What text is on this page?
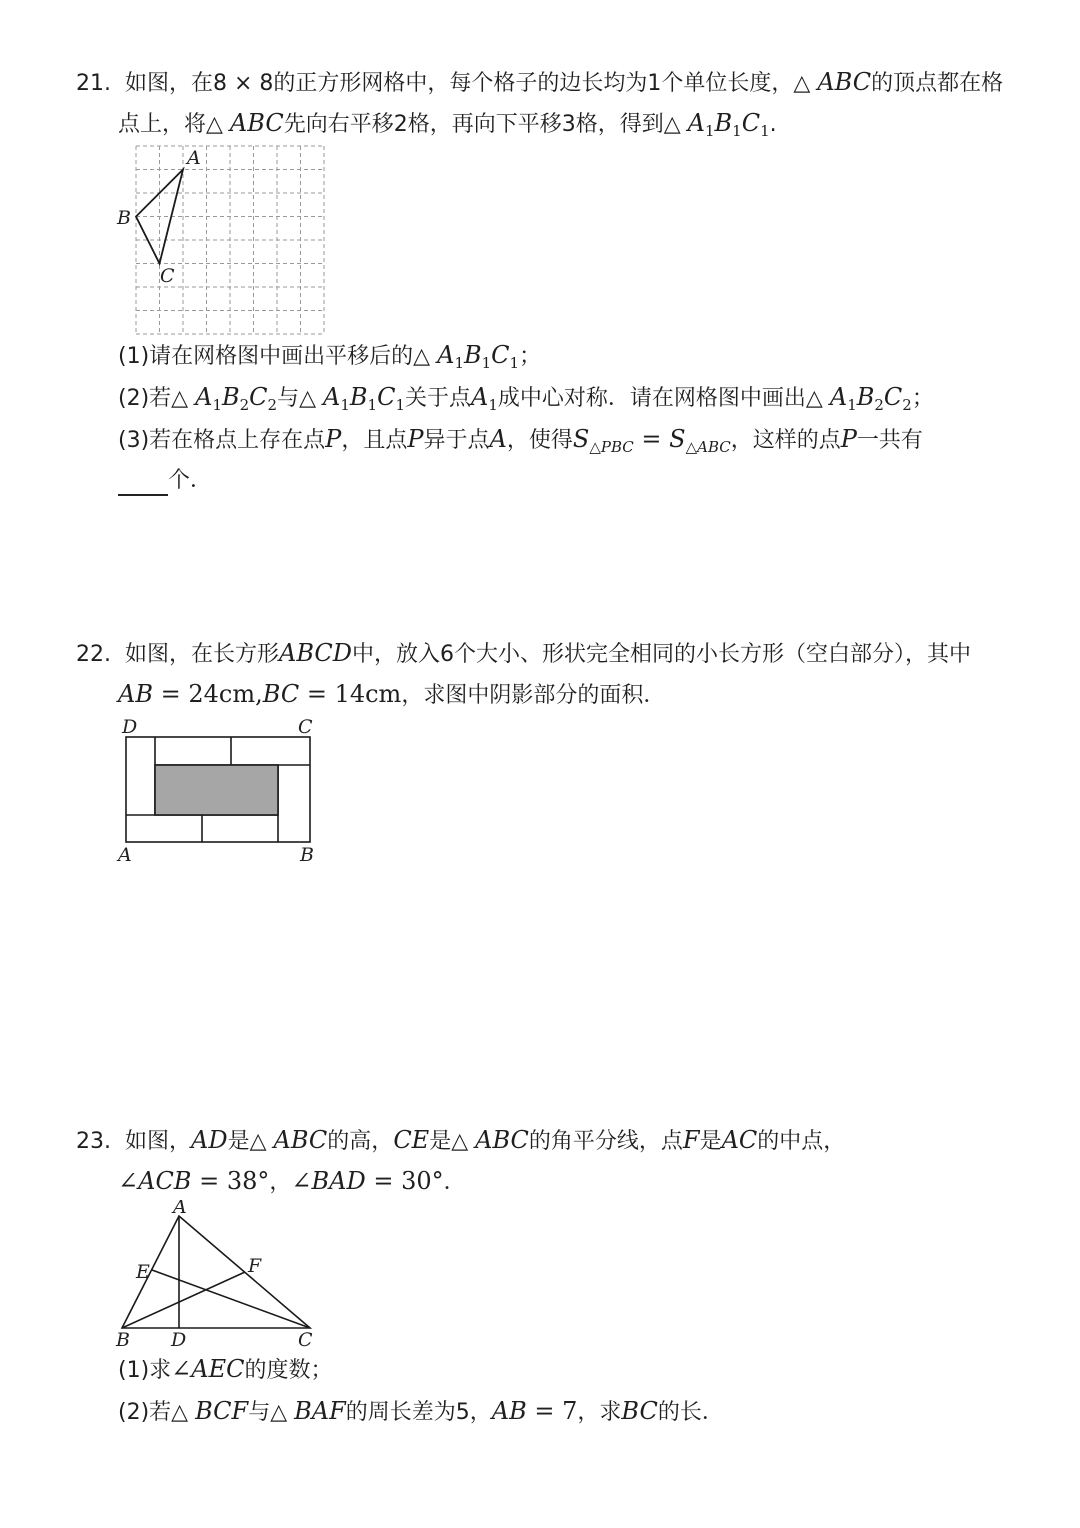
21. 如图，在8 × 8的正方形网格中，每个格子的边长均为1个单位长度，△ ABC的顶点都在格
点上，将△ ABC先向右平移2格，再向下平移3格，得到△ $A_1B_1C_1$.
A
B
C
(1)请在网格图中画出平移后的△ $A_1B_1C_1$；
(2)若△ $A_1B_2C_2$与△ $A_1B_1C_1$关于点$A_1$成中心对称．请在网格图中画出△ $A_1B_2C_2$；
(3)若在格点上存在点P，且点P异于点A，使得$S_{\triangle PBC} = S_{\triangle ABC}$，这样的点P一共有
个．
22. 如图，在长方形ABCD中，放入6个大小、形状完全相同的小长方形（空白部分），其中
AB = 24cm,BC = 14cm，求图中阴影部分的面积．
D	C
A	B
23. 如图，AD是△ ABC的高，CE是△ ABC的角平分线，点F是AC的中点，
∠ACB = 38°，∠BAD = 30°．
A
E	F
B D	C
(1)求∠AEC的度数；
(2)若△ BCF与△ BAF的周长差为5，AB = 7，求BC的长．
